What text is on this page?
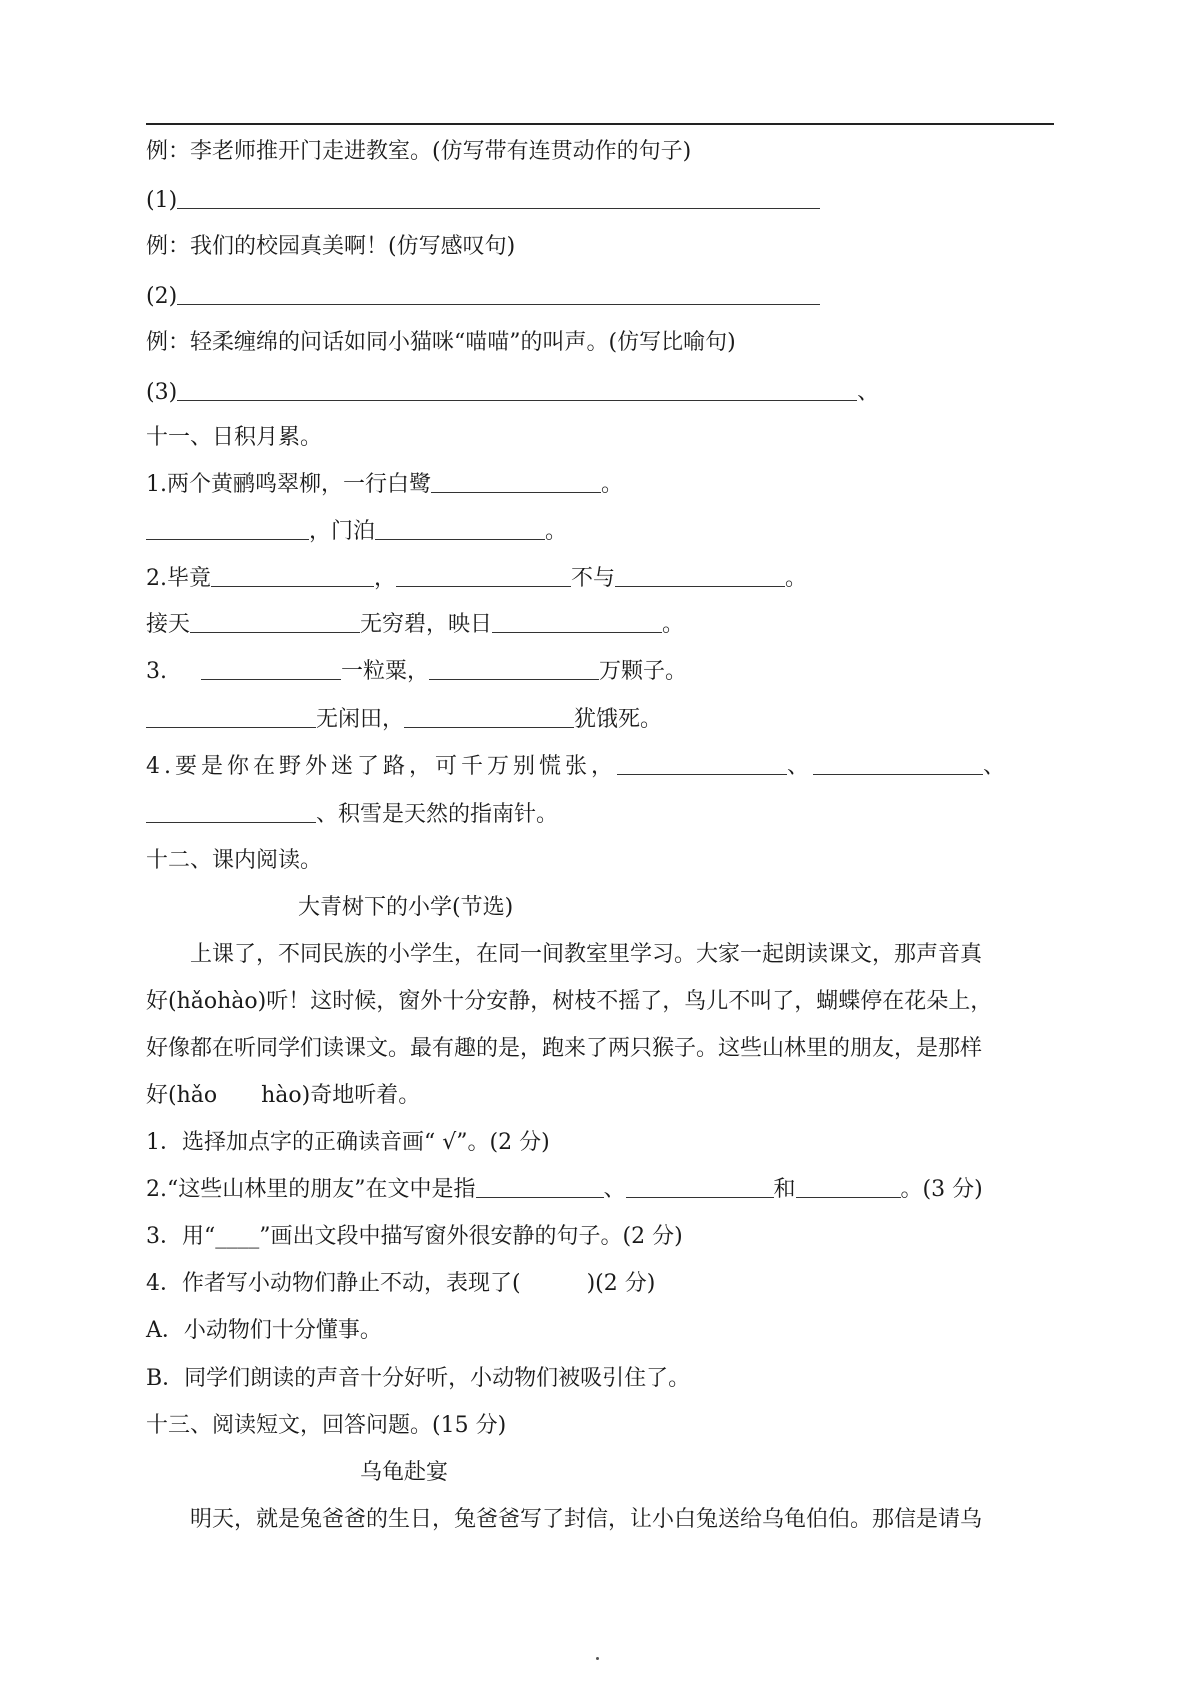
例：李老师推开门走进教室。(仿写带有连贯动作的句子)
(1)
例：我们的校园真美啊！(仿写感叹句)
(2)
例：轻柔缠绵的问话如同小猫咪“喵喵”的叫声。(仿写比喻句)
(3)	、
十一、日积月累。
1.两个黄鹂鸣翠柳，一行白鹭	。
，门泊	。
2.毕竟	，	不与	。
接天	无穷碧，映日	。
3.	一粒粟，	万颗子。
无闲田，	犹饿死。
4.要是你在野外迷了路，可千万别慌张，	、	、
、积雪是天然的指南针。
十二、课内阅读。
大青树下的小学(节选)
上课了，不同民族的小学生，在同一间教室里学习。大家一起朗读课文，那声音真
好(hǎohào)听！这时候，窗外十分安静，树枝不摇了，鸟儿不叫了，蝴蝶停在花朵上，
好像都在听同学们读课文。最有趣的是，跑来了两只猴子。这些山林里的朋友，是那样
好(hǎo　　hào)奇地听着。
1．选择加点字的正确读音画“ √”。(2 分)
2.“这些山林里的朋友”在文中是指	、	和	。(3 分)
3．用“____”画出文段中描写窗外很安静的句子。(2 分)
4．作者写小动物们静止不动，表现了(　　　)(2 分)
A．小动物们十分懂事。
B．同学们朗读的声音十分好听，小动物们被吸引住了。
十三、阅读短文，回答问题。(15 分)
乌龟赴宴
明天，就是兔爸爸的生日，兔爸爸写了封信，让小白兔送给乌龟伯伯。那信是请乌
